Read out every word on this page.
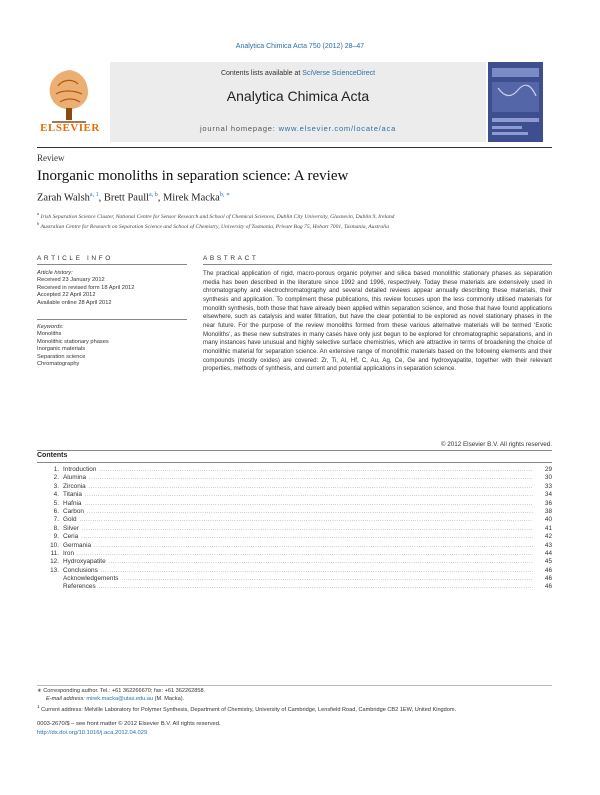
Analytica Chimica Acta 750 (2012) 28–47
ELSEVIER
Contents lists available at SciVerse ScienceDirect
Analytica Chimica Acta
journal homepage: www.elsevier.com/locate/aca
Review
Inorganic monoliths in separation science: A review
Zarah Walsh$^{a, 1}$, Brett Paull$^{a, b}$, Mirek Macka$^{b, ∗}$
$^a$ Irish Separation Science Cluster, National Centre for Sensor Research and School of Chemical Sciences, Dublin City University, Glasnevin, Dublin 9, Ireland
$^b$ Australian Centre for Research on Separation Science and School of Chemistry, University of Tasmania, Private Bag 75, Hobart 7001, Tasmania, Australia
ARTICLE INFO	ABSTRACT
Article history:
Received 23 January 2012
Received in revised form 18 April 2012
Accepted 22 April 2012
Available online 28 April 2012
Keywords:
Monoliths
Monolithic stationary phases
Inorganic materials
Separation science
Chromatography
The practical application of rigid, macro-porous organic polymer and silica based monolithic stationary phases as separation media has been described in the literature since 1992 and 1996, respectively. Today these materials are extensively used in chromatography and electrochromatography and several detailed reviews appear annually describing these materials, their synthesis and application. To compliment these publications, this review focuses upon the less commonly utilised materials for monolith synthesis, both those that have already been applied within separation science, and those that have found applications elsewhere, such as catalysis and water filtration, but have the clear potential to be explored as novel stationary phases in the near future. For the purpose of the review monoliths formed from these various alternative materials will be termed ‘Exotic Monoliths’, as these new substrates in many cases have only just begun to be explored for chromatographic separations, and in many instances have unusual and highly selective surface chemistries, which are attractive in terms of broadening the choice of monolithic material for separation science. An extensive range of monolithic materials based on the following elements and their compounds (mostly oxides) are covered: Zr, Ti, Al, Hf, C, Au, Ag, Ce, Ge and hydroxyapatite, together with their relevant properties, methods of synthesis, and current and potential applications in separation science.
© 2012 Elsevier B.V. All rights reserved.
Contents
1. Introduction . . .	29
2. Alumina . . .	30
3. Zirconia . . .	33
4. Titania . . .	34
5. Hafnia . . .	36
6. Carbon . . .	38
7. Gold . . .	40
8. Silver . . .	41
9. Ceria . . .	42
10. Germania . . .	43
11. Iron . . .	44
12. Hydroxyapatite . . .	45
13. Conclusions . . .	46
Acknowledgements . . .	46
References . . .	46
∗ Corresponding author. Tel.: +61 362266670; fax: +61 362262858.
E-mail address: mirek.macka@utas.edu.au (M. Macka).
$^1$ Current address: Melville Laboratory for Polymer Synthesis, Department of Chemistry, University of Cambridge, Lensfield Road, Cambridge CB2 1EW, United Kingdom.
0003-2670/$ – see front matter © 2012 Elsevier B.V. All rights reserved.
http://dx.doi.org/10.1016/j.aca.2012.04.029
